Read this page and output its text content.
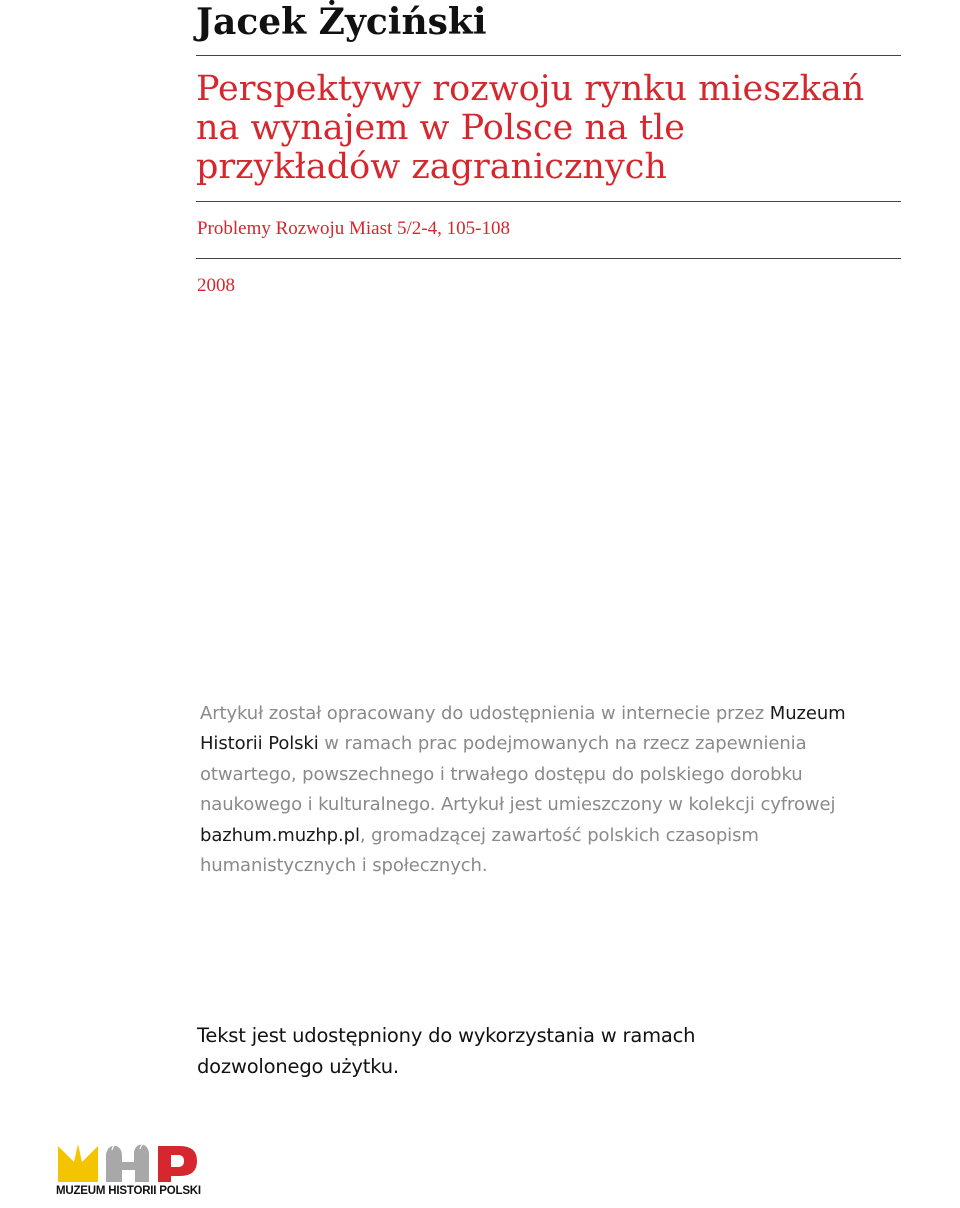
Jacek Życiński
Perspektywy rozwoju rynku mieszkań na wynajem w Polsce na tle przykładów zagranicznych
Problemy Rozwoju Miast 5/2-4, 105-108
2008

Artykuł został opracowany do udostępnienia w internecie przez Muzeum Historii Polski w ramach prac podejmowanych na rzecz zapewnienia otwartego, powszechnego i trwałego dostępu do polskiego dorobku naukowego i kulturalnego. Artykuł jest umieszczony w kolekcji cyfrowej bazhum.muzhp.pl, gromadzącej zawartość polskich czasopism humanistycznych i społecznych.

Tekst jest udostępniony do wykorzystania w ramach dozwolonego użytku.

MUZEUM HISTORII POLSKI
